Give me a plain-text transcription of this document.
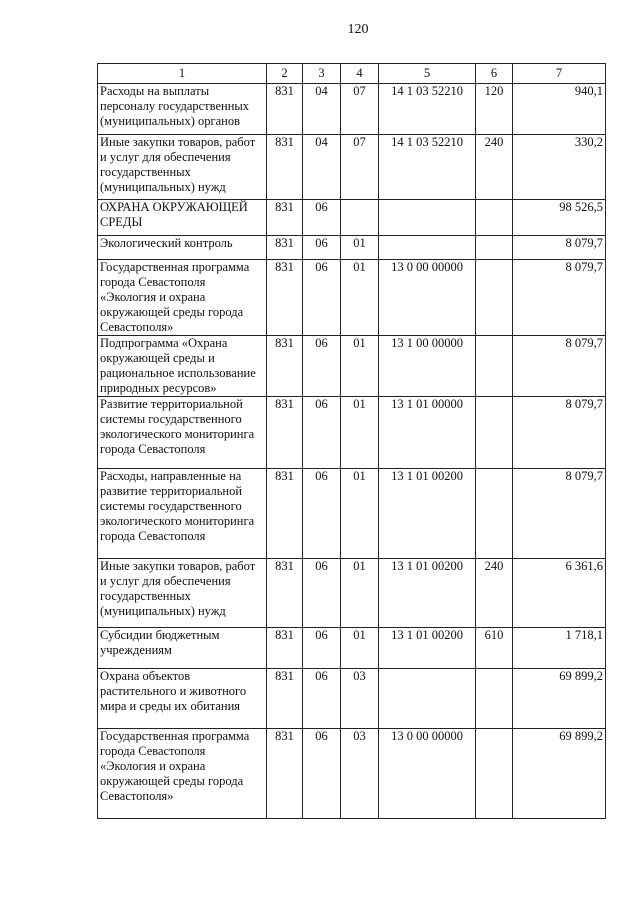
120
1	2	3	4	5	6	7
Расходы на выплаты персоналу государственных (муниципальных) органов	831	04	07	14 1 03 52210	120	940,1
Иные закупки товаров, работ и услуг для обеспечения государственных (муниципальных) нужд	831	04	07	14 1 03 52210	240	330,2
ОХРАНА ОКРУЖАЮЩЕЙ СРЕДЫ	831	06				98 526,5
Экологический контроль	831	06	01			8 079,7
Государственная программа города Севастополя «Экология и охрана окружающей среды города Севастополя»	831	06	01	13 0 00 00000		8 079,7
Подпрограмма «Охрана окружающей среды и рациональное использование природных ресурсов»	831	06	01	13 1 00 00000		8 079,7
Развитие территориальной системы государственного экологического мониторинга города Севастополя	831	06	01	13 1 01 00000		8 079,7
Расходы, направленные на развитие территориальной системы государственного экологического мониторинга города Севастополя	831	06	01	13 1 01 00200		8 079,7
Иные закупки товаров, работ и услуг для обеспечения государственных (муниципальных) нужд	831	06	01	13 1 01 00200	240	6 361,6
Субсидии бюджетным учреждениям	831	06	01	13 1 01 00200	610	1 718,1
Охрана объектов растительного и животного мира и среды их обитания	831	06	03			69 899,2
Государственная программа города Севастополя «Экология и охрана окружающей среды города Севастополя»	831	06	03	13 0 00 00000		69 899,2
